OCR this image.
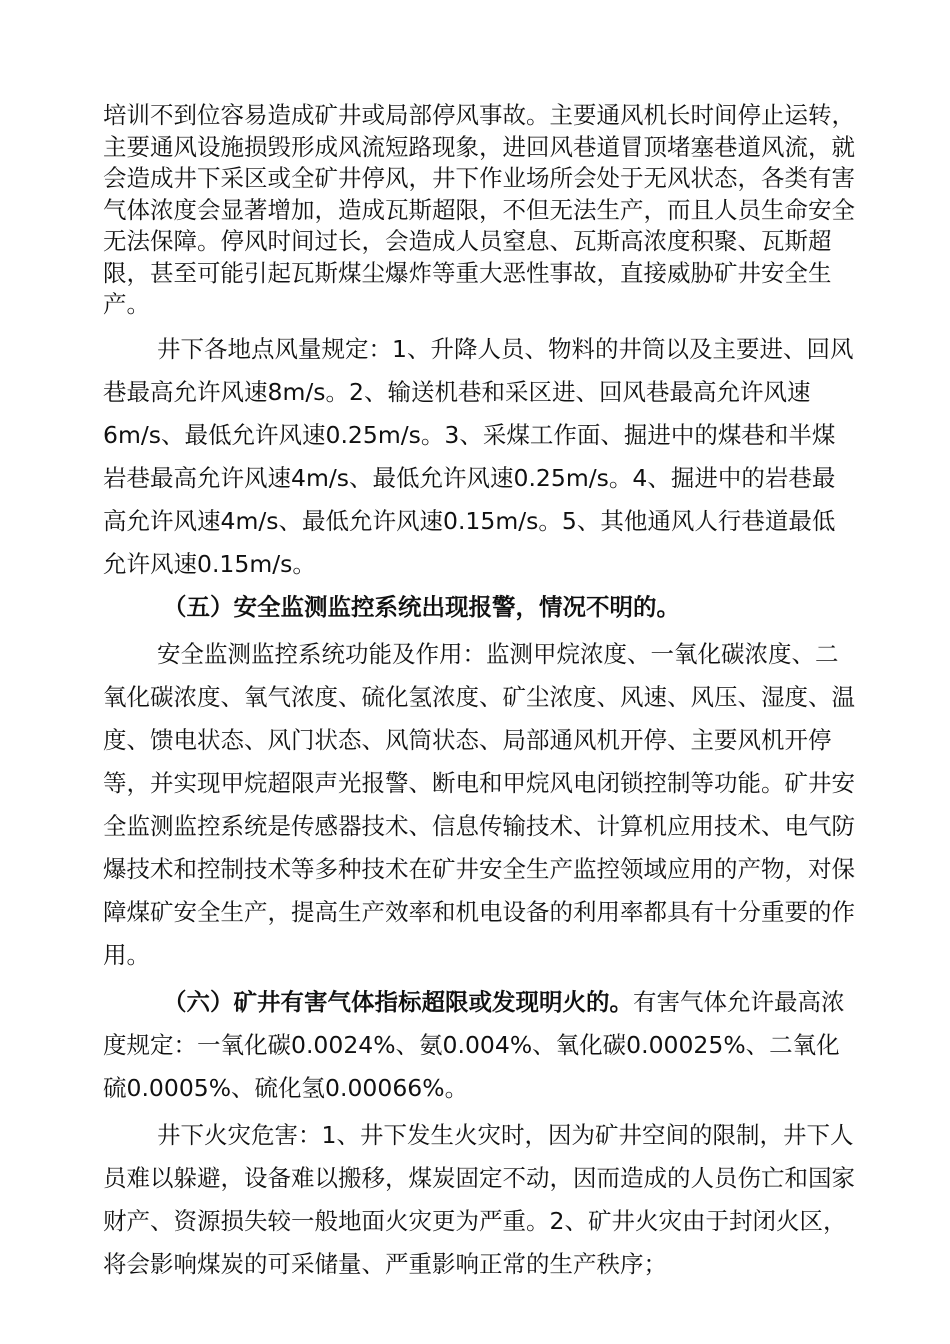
培训不到位容易造成矿井或局部停风事故。主要通风机长时间停止运转，主要通风设施损毁形成风流短路现象，进回风巷道冒顶堵塞巷道风流，就会造成井下采区或全矿井停风，井下作业场所会处于无风状态，各类有害气体浓度会显著增加，造成瓦斯超限，不但无法生产，而且人员生命安全无法保障。停风时间过长，会造成人员窒息、瓦斯高浓度积聚、瓦斯超限，甚至可能引起瓦斯煤尘爆炸等重大恶性事故，直接威胁矿井安全生产。

井下各地点风量规定：1、升降人员、物料的井筒以及主要进、回风巷最高允许风速8m/s。2、输送机巷和采区进、回风巷最高允许风速6m/s、最低允许风速0.25m/s。3、采煤工作面、掘进中的煤巷和半煤岩巷最高允许风速4m/s、最低允许风速0.25m/s。4、掘进中的岩巷最高允许风速4m/s、最低允许风速0.15m/s。5、其他通风人行巷道最低允许风速0.15m/s。

（五）安全监测监控系统出现报警，情况不明的。

安全监测监控系统功能及作用：监测甲烷浓度、一氧化碳浓度、二氧化碳浓度、氧气浓度、硫化氢浓度、矿尘浓度、风速、风压、湿度、温度、馈电状态、风门状态、风筒状态、局部通风机开停、主要风机开停等，并实现甲烷超限声光报警、断电和甲烷风电闭锁控制等功能。矿井安全监测监控系统是传感器技术、信息传输技术、计算机应用技术、电气防爆技术和控制技术等多种技术在矿井安全生产监控领域应用的产物，对保障煤矿安全生产，提高生产效率和机电设备的利用率都具有十分重要的作用。

（六）矿井有害气体指标超限或发现明火的。有害气体允许最高浓度规定：一氧化碳0.0024%、氨0.004%、氧化碳0.00025%、二氧化硫0.0005%、硫化氢0.00066%。

井下火灾危害：1、井下发生火灾时，因为矿井空间的限制，井下人员难以躲避，设备难以搬移，煤炭固定不动，因而造成的人员伤亡和国家财产、资源损失较一般地面火灾更为严重。2、矿井火灾由于封闭火区，将会影响煤炭的可采储量、严重影响正常的生产秩序；
